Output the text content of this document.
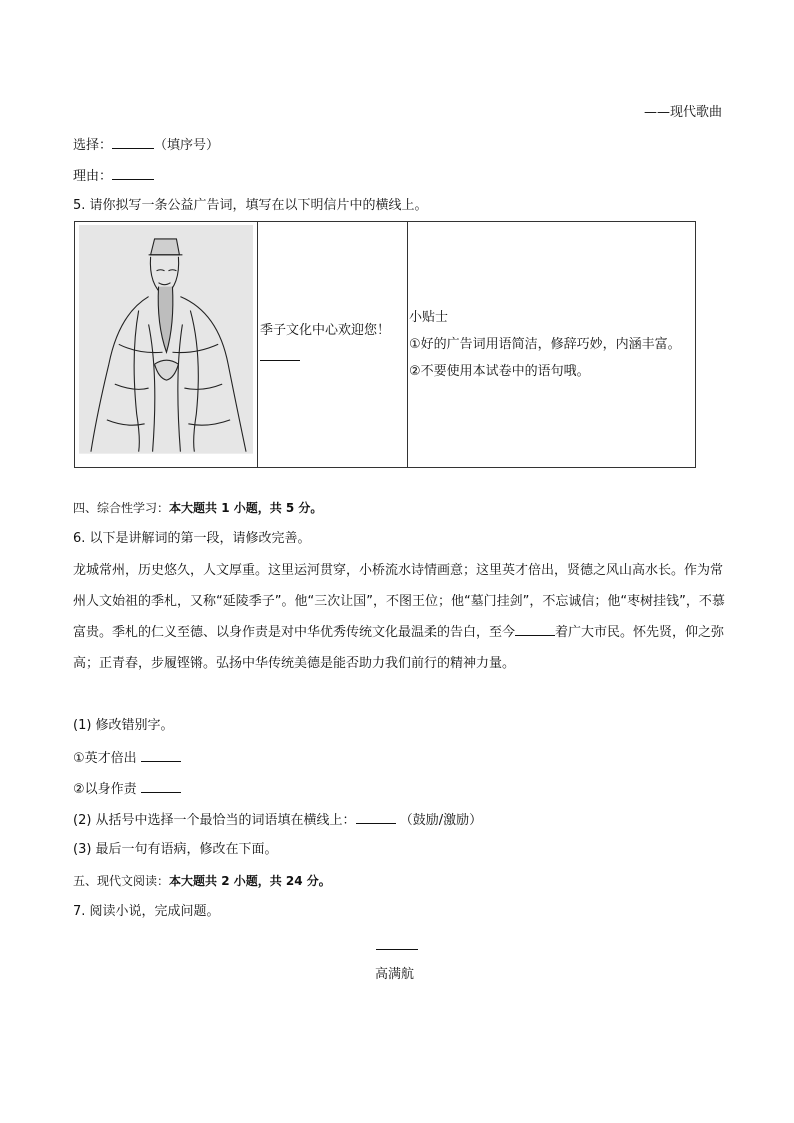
——现代歌曲
选择：	（填序号）
理由：
5. 请你拟写一条公益广告词，填写在以下明信片中的横线上。

季子文化中心欢迎您！

小贴士
①好的广告词用语简洁，修辞巧妙，内涵丰富。
②不要使用本试卷中的语句哦。
四、综合性学习：本大题共 1 小题，共 5 分。
6. 以下是讲解词的第一段，请修改完善。
龙城常州，历史悠久，人文厚重。这里运河贯穿，小桥流水诗情画意；这里英才倍出，贤德之风山高水长。作为常州人文始祖的季札，又称“延陵季子”。他“三次让国”，不图王位；他“墓门挂剑”，不忘诚信；他“枣树挂钱”，不慕富贵。季札的仁义至德、以身作责是对中华优秀传统文化最温柔的告白，至今	着广大市民。怀先贤，仰之弥高；正青春，步履铿锵。弘扬中华传统美德是能否助力我们前行的精神力量。
(1) 修改错别字。
①英才倍出
②以身作责
(2) 从括号中选择一个最恰当的词语填在横线上：	（鼓励/激励）
(3) 最后一句有语病，修改在下面。
五、现代文阅读：本大题共 2 小题，共 24 分。
7. 阅读小说，完成问题。
高满航
